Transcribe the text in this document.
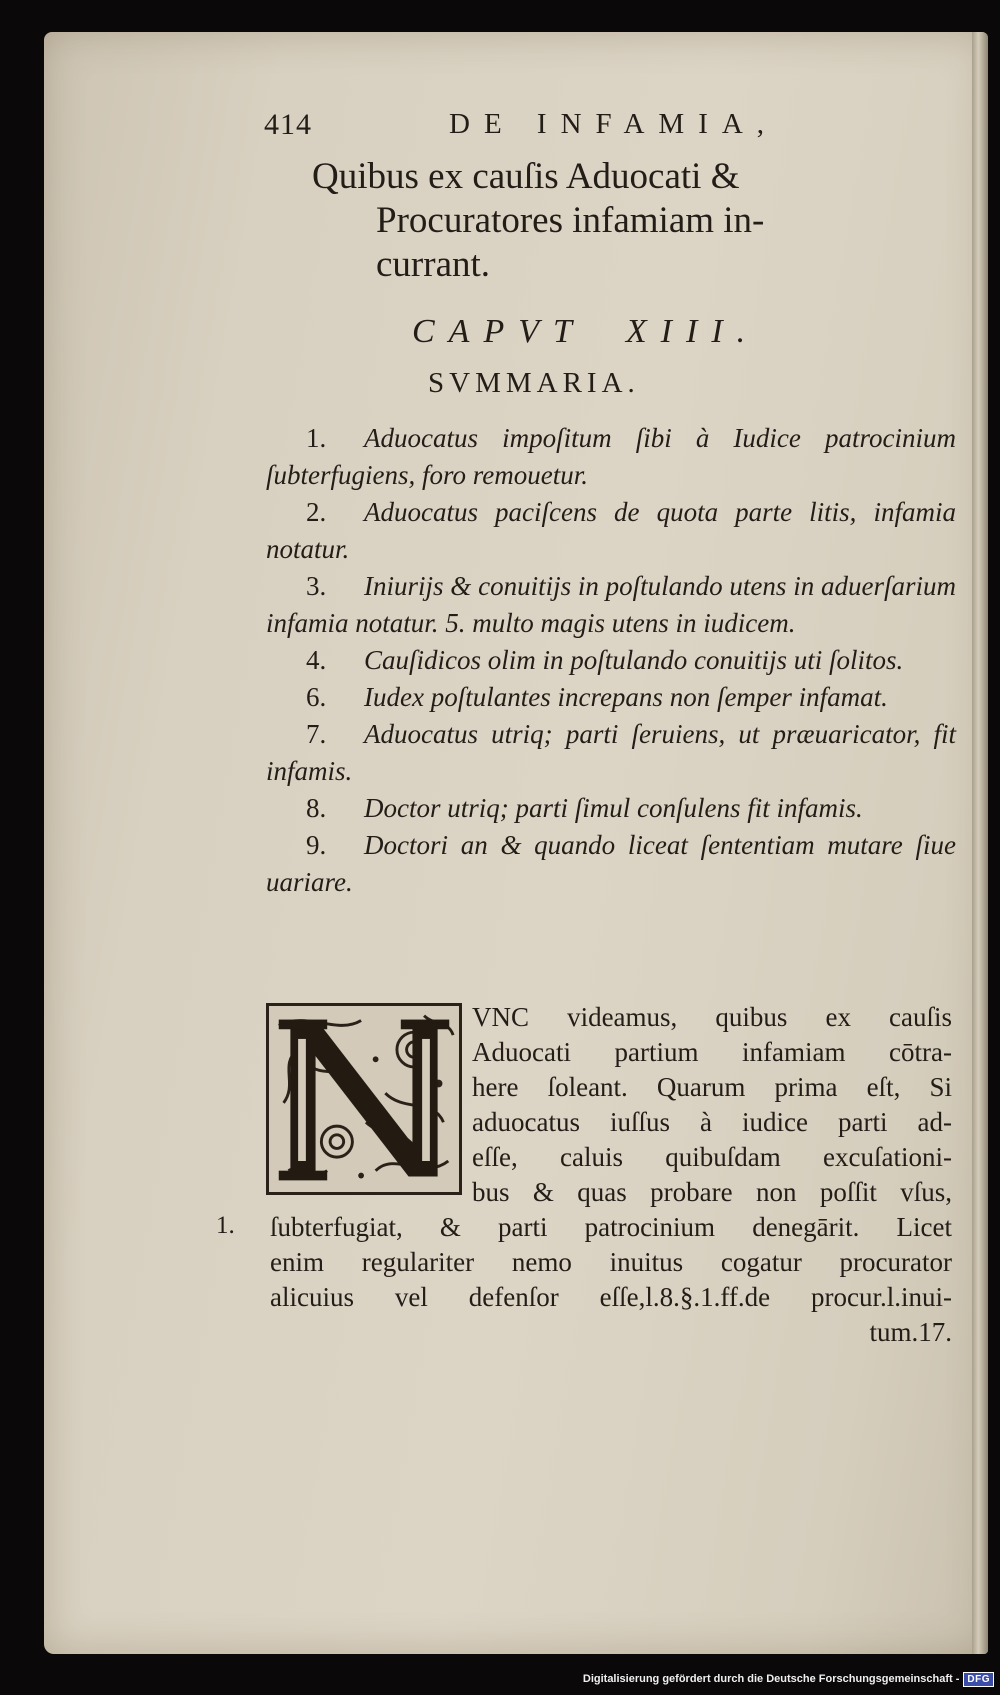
414	DE INFAMIA,
Quibus ex cauſis Aduocati &
Procuratores infamiam in-
currant.
CAPVT XIII.
SVMMARIA.
1. Aduocatus impoſitum ſibi à Iudice patrocinium ſubterfugiens, foro remouetur.
2. Aduocatus paciſcens de quota parte litis, infamia notatur.
3. Iniurijs & conuitijs in poſtulando utens in aduerſarium infamia notatur. 5. multo magis utens in iudicem.
4. Cauſidicos olim in poſtulando conuitijs uti ſolitos.
6. Iudex poſtulantes increpans non ſemper infamat.
7. Aduocatus utriq; parti ſeruiens, ut præuaricator, fit infamis.
8. Doctor utriq; parti ſimul conſulens fit infamis.
9. Doctori an & quando liceat ſententiam mutare ſiue uariare.
VNC videamus, quibus ex cauſis
Aduocati partium infamiam cōtra-
here ſoleant. Quarum prima eſt, Si
aduocatus iuſſus à iudice parti ad-
eſſe, caluis quibuſdam excuſationi-
bus & quas probare non poſſit vſus,
1. ſubterfugiat, & parti patrocinium denegārit. Licet
enim regulariter nemo inuitus cogatur procurator
alicuius vel defenſor eſſe,l.8.§.1.ff.de procur.l.inui-
tum.17.
Digitalisierung gefördert durch die Deutsche Forschungsgemeinschaft - DFG
